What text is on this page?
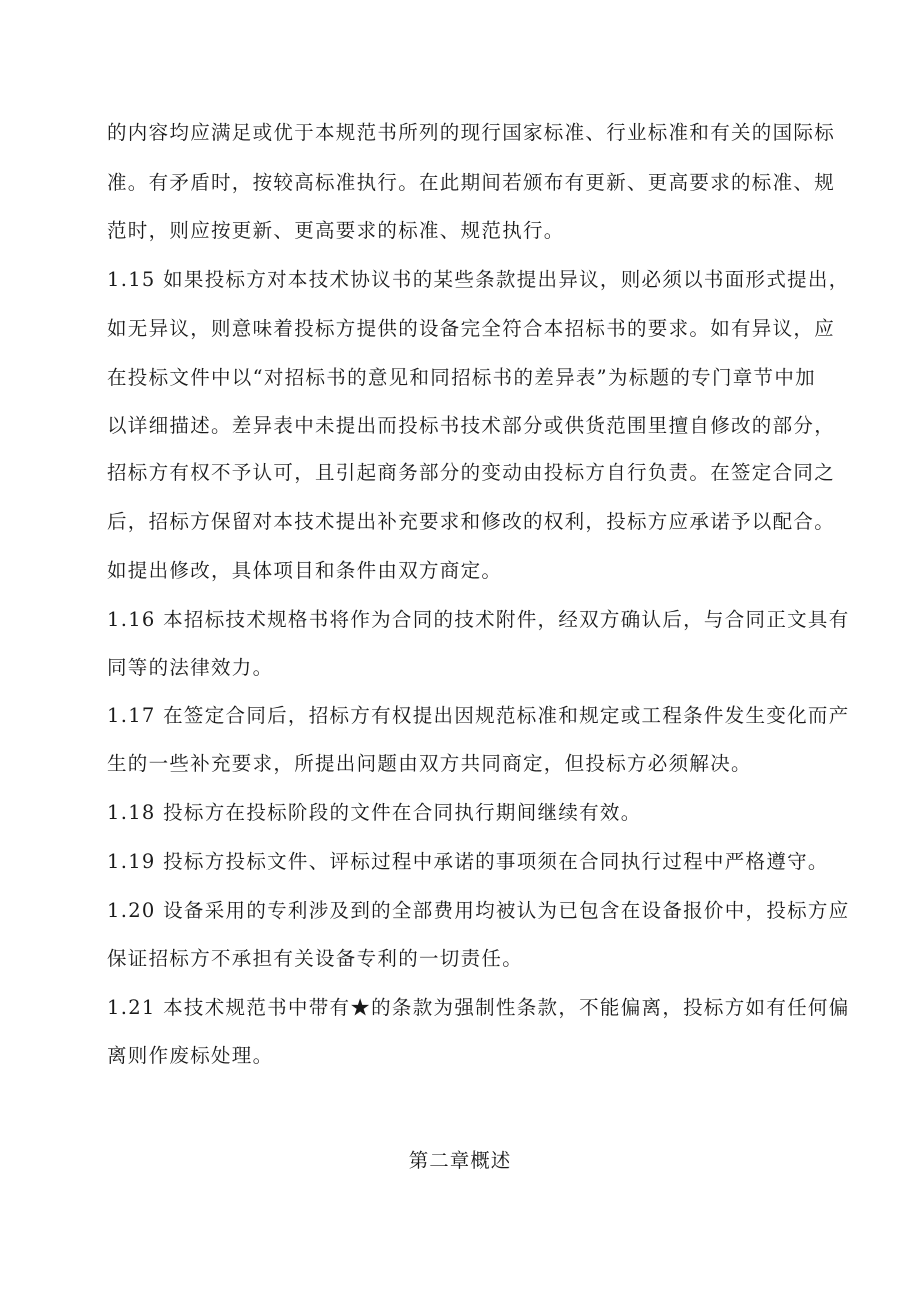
的内容均应满足或优于本规范书所列的现行国家标准、行业标准和有关的国际标
准。有矛盾时，按较高标准执行。在此期间若颁布有更新、更高要求的标准、规
范时，则应按更新、更高要求的标准、规范执行。
1.15 如果投标方对本技术协议书的某些条款提出异议，则必须以书面形式提出，
如无异议，则意味着投标方提供的设备完全符合本招标书的要求。如有异议，应
在投标文件中以“对招标书的意见和同招标书的差异表”为标题的专门章节中加
以详细描述。差异表中未提出而投标书技术部分或供货范围里擅自修改的部分，
招标方有权不予认可，且引起商务部分的变动由投标方自行负责。在签定合同之
后，招标方保留对本技术提出补充要求和修改的权利，投标方应承诺予以配合。
如提出修改，具体项目和条件由双方商定。
1.16 本招标技术规格书将作为合同的技术附件，经双方确认后，与合同正文具有
同等的法律效力。
1.17 在签定合同后，招标方有权提出因规范标准和规定或工程条件发生变化而产
生的一些补充要求，所提出问题由双方共同商定，但投标方必须解决。
1.18 投标方在投标阶段的文件在合同执行期间继续有效。
1.19 投标方投标文件、评标过程中承诺的事项须在合同执行过程中严格遵守。
1.20 设备采用的专利涉及到的全部费用均被认为已包含在设备报价中，投标方应
保证招标方不承担有关设备专利的一切责任。
1.21 本技术规范书中带有★的条款为强制性条款，不能偏离，投标方如有任何偏
离则作废标处理。
第二章概述
